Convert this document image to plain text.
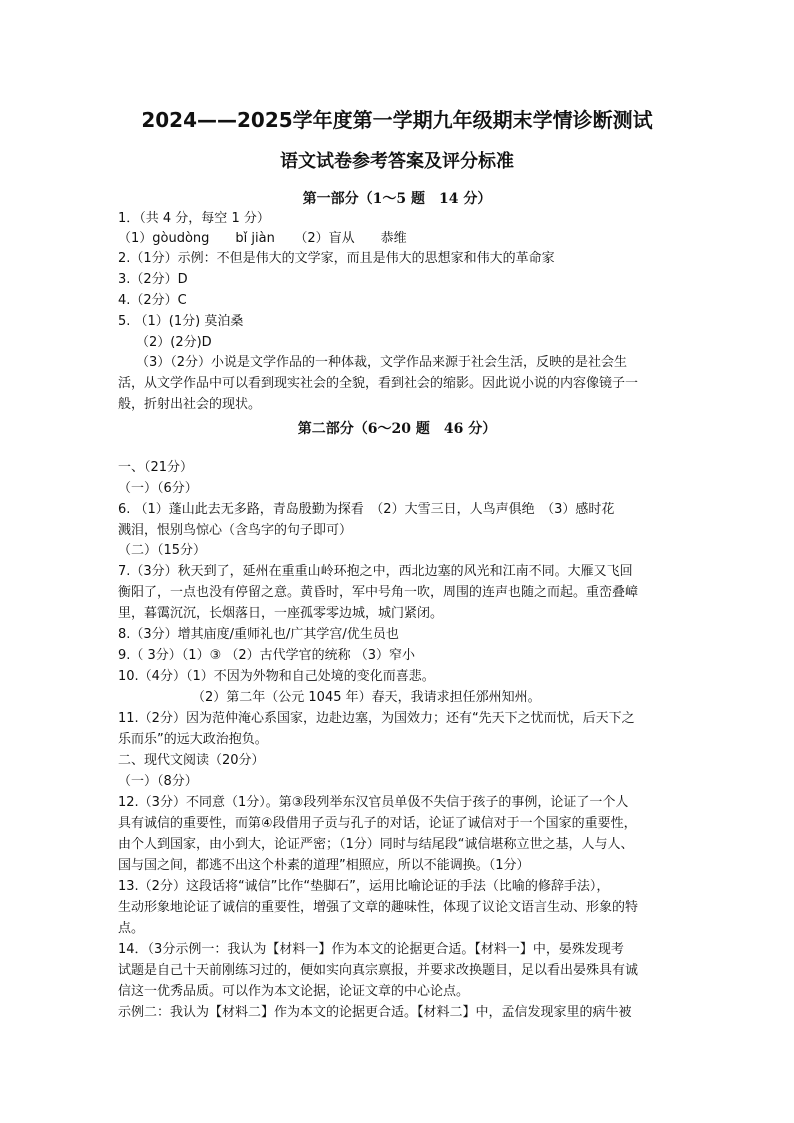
2024——2025学年度第一学期九年级期末学情诊断测试
语文试卷参考答案及评分标准
第一部分（1～5 题　14 分）
1．（共 4 分，每空 1 分）
（1）gòudòng　　bǐ jiàn　　（2）盲从　　恭维
2.（1分）示例：不但是伟大的文学家，而且是伟大的思想家和伟大的革命家
3.（2分）D
4.（2分）C
5. （1）(1分) 莫泊桑
（2）(2分)D
（3）（2分）小说是文学作品的一种体裁，文学作品来源于社会生活，反映的是社会生
活，从文学作品中可以看到现实社会的全貌，看到社会的缩影。因此说小说的内容像镜子一
般，折射出社会的现状。
第二部分（6～20 题　46 分）
一、（21分）
（一）（6分）
6. （1）蓬山此去无多路，青岛殷勤为探看　（2）大雪三日，人鸟声俱绝　（3）感时花
溅泪，恨别鸟惊心（含鸟字的句子即可）
（二）（15分）
7.（3分）秋天到了，延州在重重山岭环抱之中，西北边塞的风光和江南不同。大雁又飞回
衡阳了，一点也没有停留之意。黄昏时，军中号角一吹，周围的连声也随之而起。重峦叠嶂
里，暮霭沉沉，长烟落日，一座孤零零边城，城门紧闭。
8.（3分）增其庙度/重师礼也/广其学宫/优生员也
9.（ 3分）（1）③ （2）古代学官的统称 （3）窄小
10.（4分）（1）不因为外物和自己处境的变化而喜悲。
（2）第二年（公元 1045 年）春天，我请求担任邠州知州。
11.（2分）因为范仲淹心系国家，边赴边塞，为国效力；还有“先天下之忧而忧，后天下之
乐而乐”的远大政治抱负。
二、现代文阅读（20分）
（一）（8分）
12.（3分）不同意（1分）。第③段列举东汉官员单伋不失信于孩子的事例，论证了一个人
具有诚信的重要性，而第④段借用子贡与孔子的对话，论证了诚信对于一个国家的重要性，
由个人到国家，由小到大，论证严密；（1分）同时与结尾段“诚信堪称立世之基，人与人、
国与国之间，都逃不出这个朴素的道理”相照应，所以不能调换。（1分）
13.（2分）这段话将“诚信”比作“垫脚石”，运用比喻论证的手法（比喻的修辞手法），
生动形象地论证了诚信的重要性，增强了文章的趣味性，体现了议论文语言生动、形象的特
点。
14．（3分示例一：我认为【材料一】作为本文的论据更合适。【材料一】中，晏殊发现考
试题是自己十天前刚练习过的，便如实向真宗禀报，并要求改换题目，足以看出晏殊具有诚
信这一优秀品质。可以作为本文论据，论证文章的中心论点。
示例二：我认为【材料二】作为本文的论据更合适。【材料二】中，孟信发现家里的病牛被
